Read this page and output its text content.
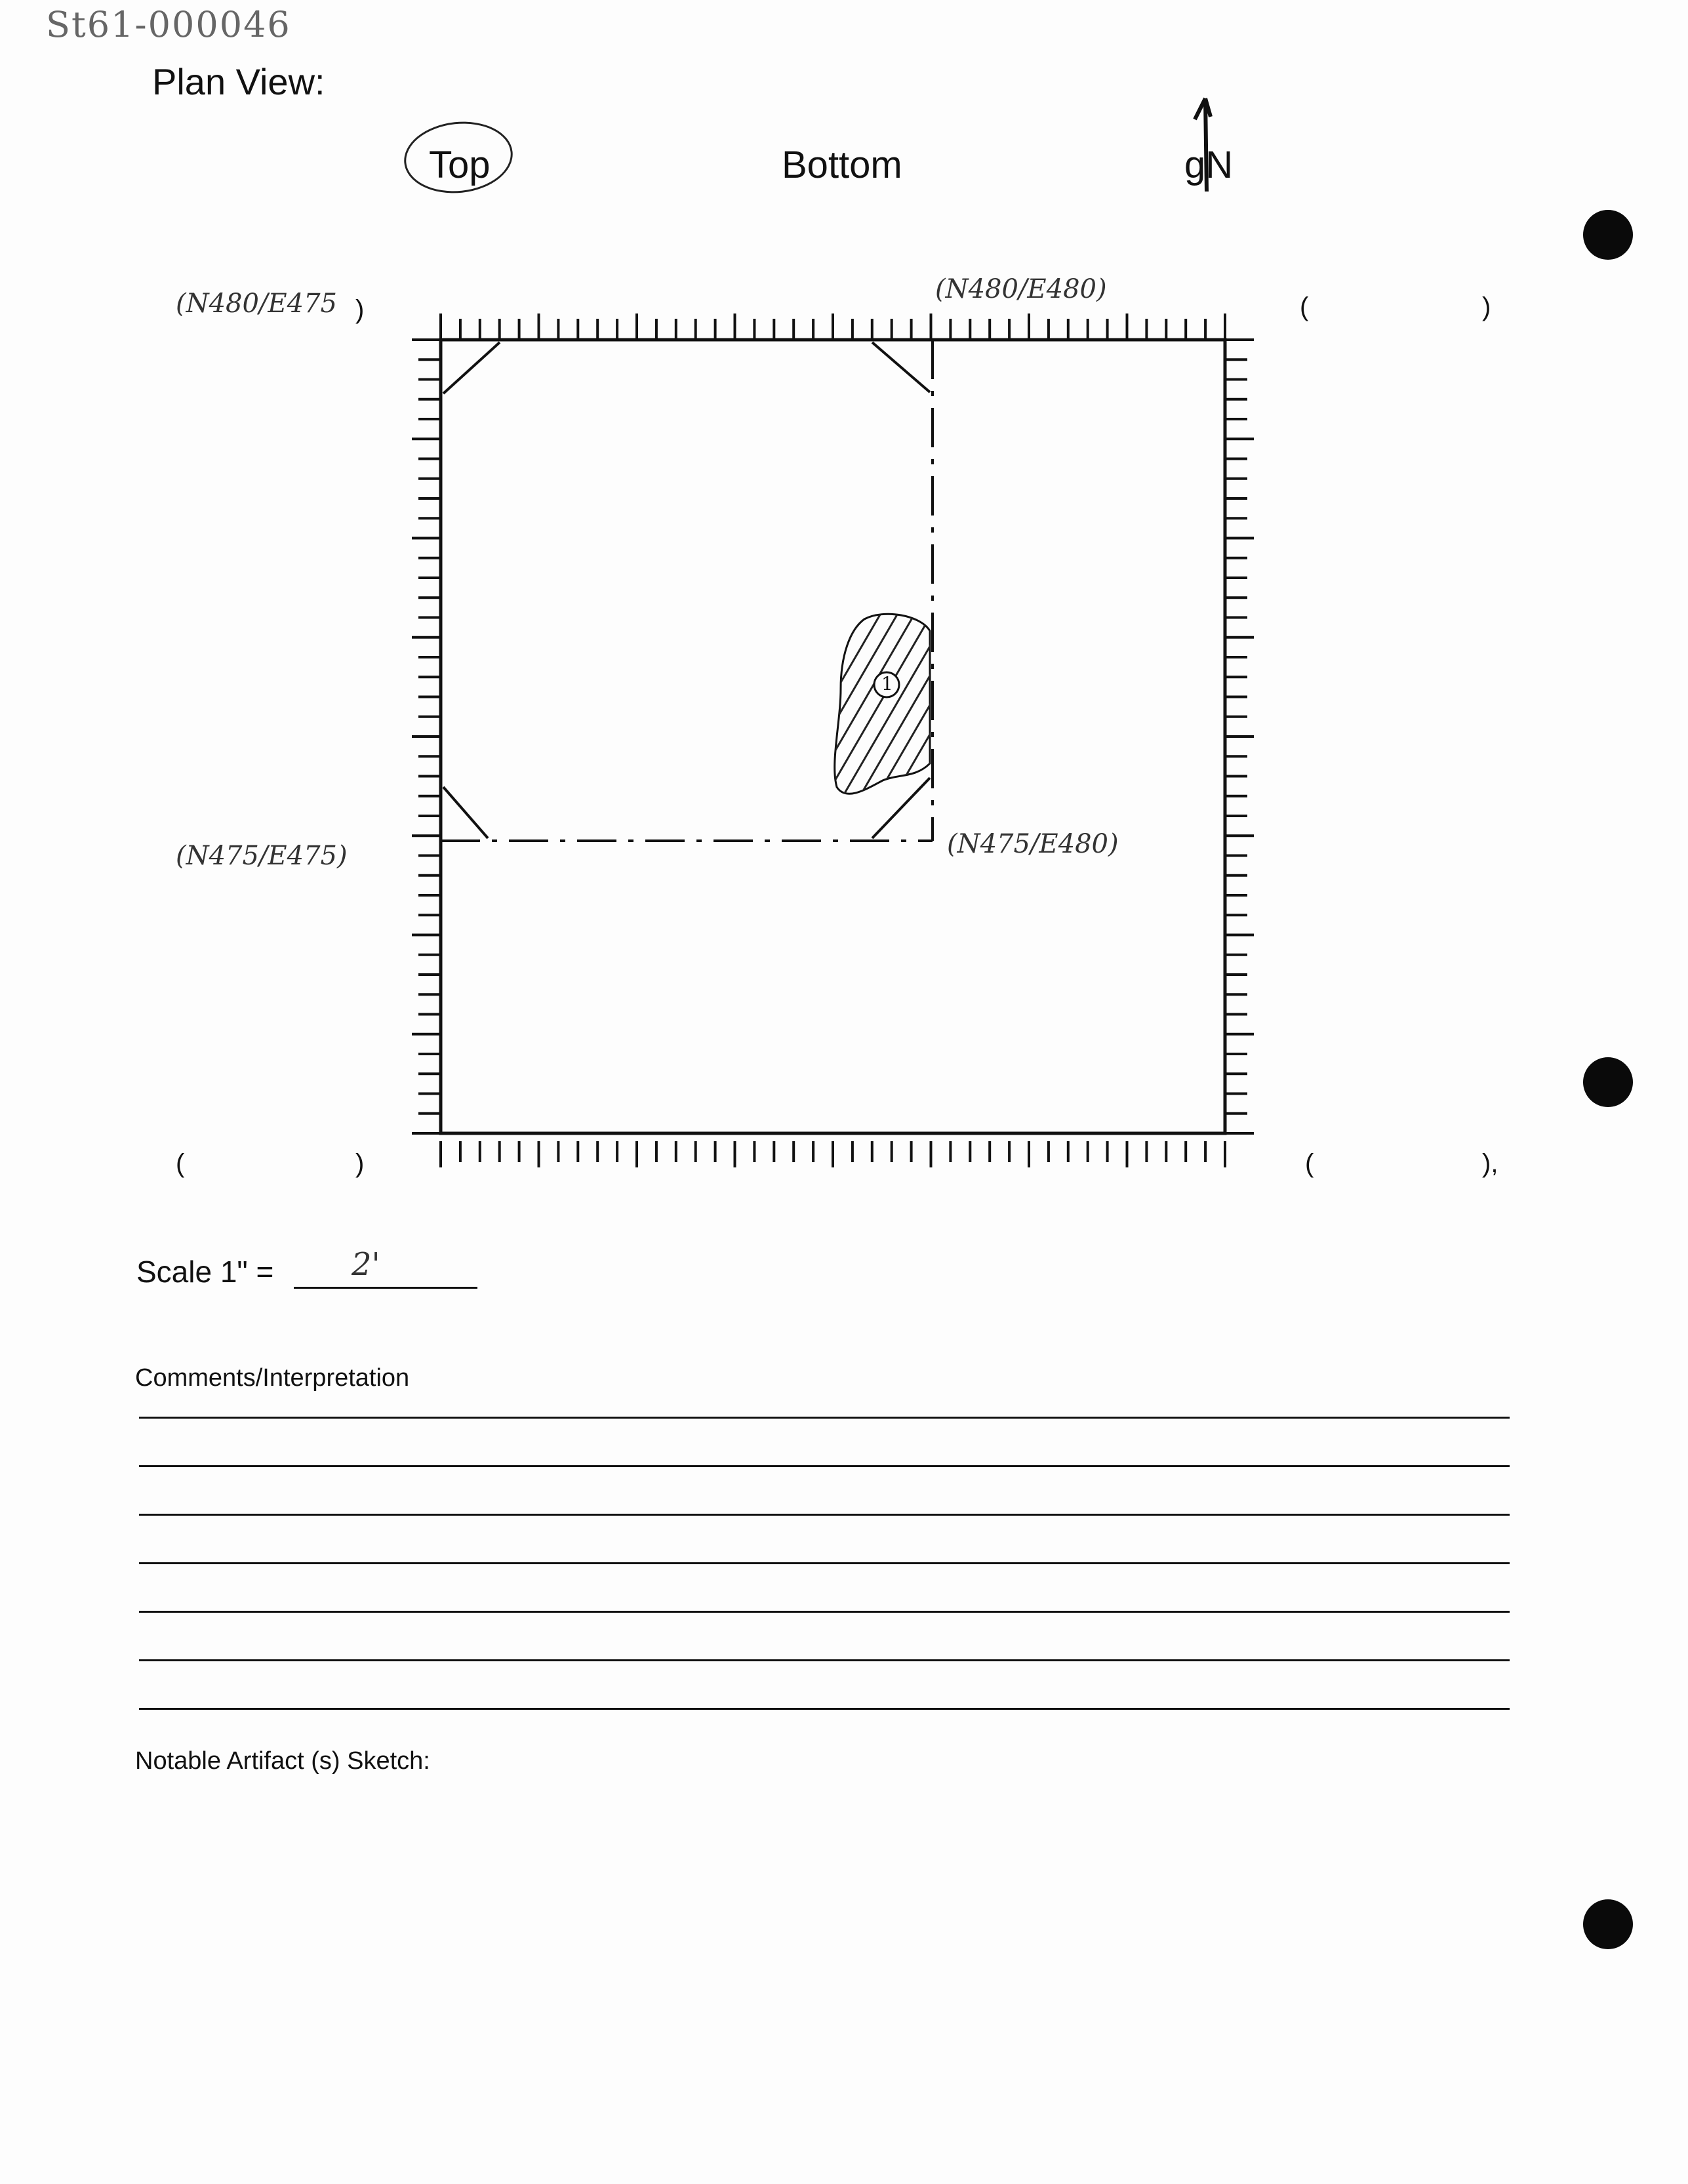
St61-000046
Plan View:
Top	Bottom	gN
(N480/E475 )
(N480/E480)
(N475/E475)	(N475/E480)
(	)
(	)	(	),
1
Scale 1" = 2'
Comments/Interpretation
Notable Artifact (s) Sketch:
